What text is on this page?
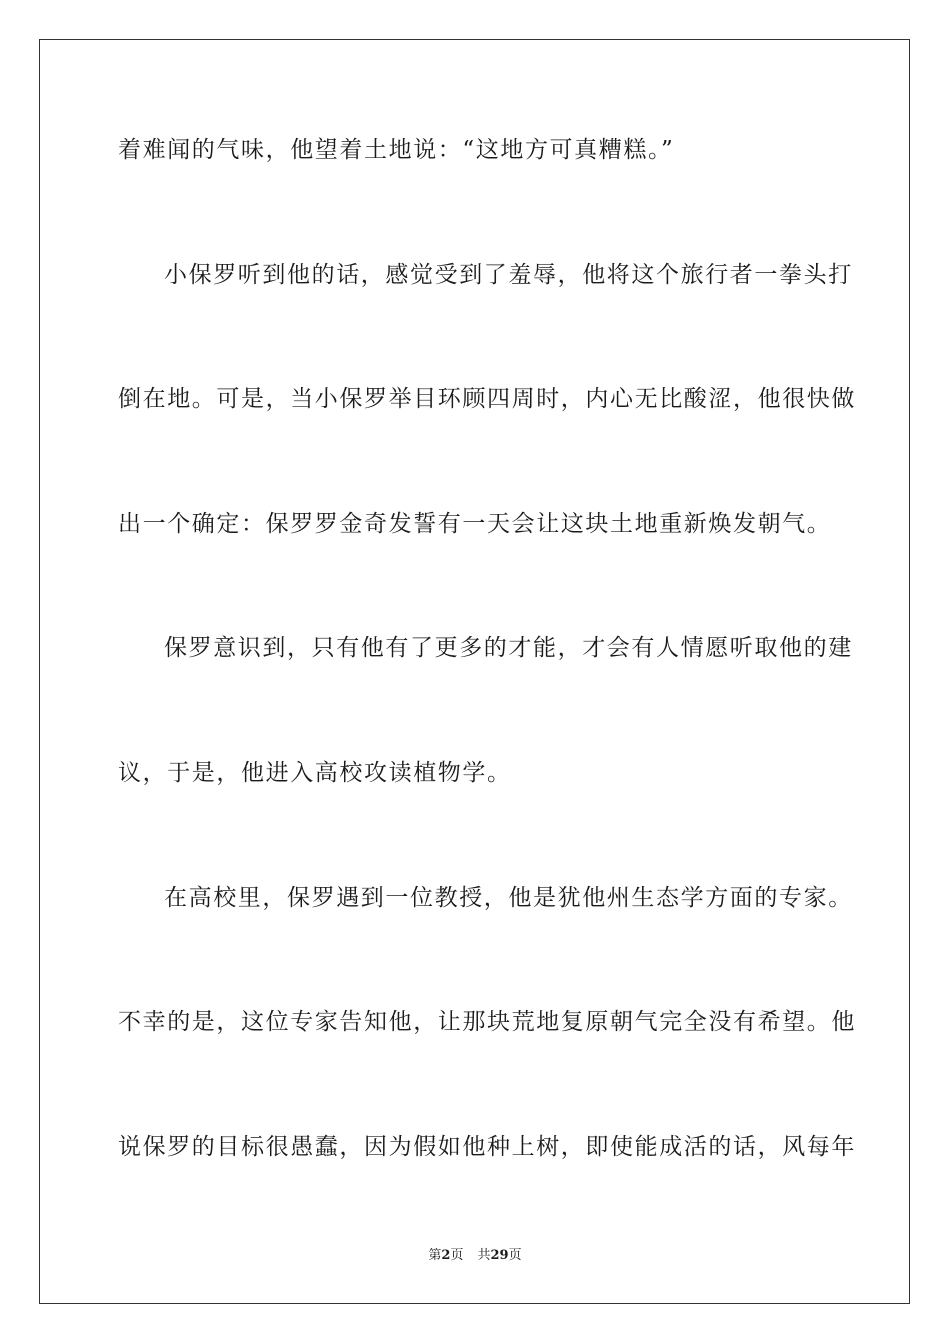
着难闻的气味，他望着土地说：“这地方可真糟糕。”
小保罗听到他的话，感觉受到了羞辱，他将这个旅行者一拳头打
倒在地。可是，当小保罗举目环顾四周时，内心无比酸涩，他很快做
出一个确定：保罗罗金奇发誓有一天会让这块土地重新焕发朝气。
保罗意识到，只有他有了更多的才能，才会有人情愿听取他的建
议，于是，他进入高校攻读植物学。
在高校里，保罗遇到一位教授，他是犹他州生态学方面的专家。
不幸的是，这位专家告知他，让那块荒地复原朝气完全没有希望。他
说保罗的目标很愚蠢，因为假如他种上树，即使能成活的话，风每年
第2页 共29页
